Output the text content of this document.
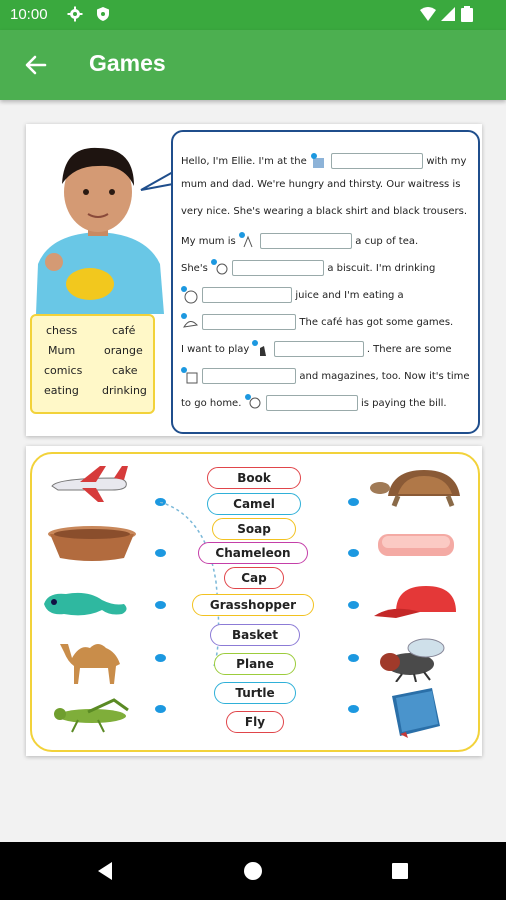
10:00
Games
chess	café
Mum	orange
comics	cake
eating drinking
Hello, I'm Ellie. I'm at the	with my
mum and dad. We're hungry and thirsty. Our waitress is
very nice. She's wearing a black shirt and black trousers.
My mum is	a cup of tea.
She's	a biscuit. I'm drinking
juice and I'm eating a
The café has got some games.
I want to play	. There are some
and magazines, too. Now it's time
to go home.	is paying the bill.
Book
Camel
Soap
Chameleon
Cap
Grasshopper
Basket
Plane
Turtle
Fly
